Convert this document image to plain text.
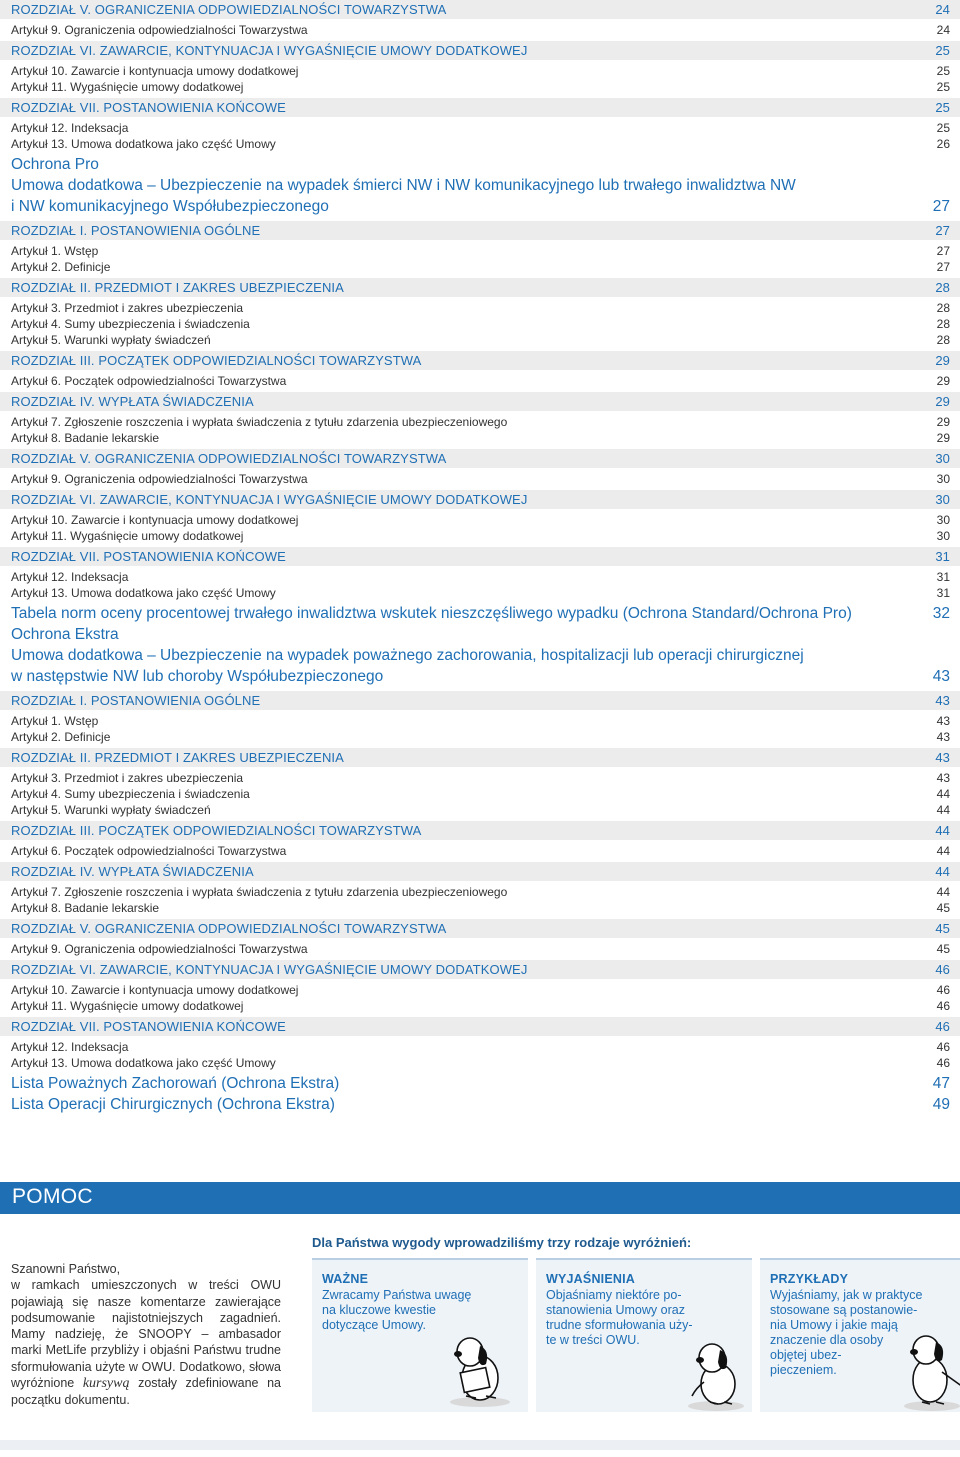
ROZDZIAŁ V. OGRANICZENIA ODPOWIEDZIALNOŚCI TOWARZYSTWA	24
Artykuł 9. Ograniczenia odpowiedzialności Towarzystwa	24
ROZDZIAŁ VI. ZAWARCIE, KONTYNUACJA I WYGAŚNIĘCIE UMOWY DODATKOWEJ	25
Artykuł 10. Zawarcie i kontynuacja umowy dodatkowej	25
Artykuł 11. Wygaśnięcie umowy dodatkowej	25
ROZDZIAŁ VII. POSTANOWIENIA KOŃCOWE	25
Artykuł 12. Indeksacja	25
Artykuł 13. Umowa dodatkowa jako część Umowy	26
Ochrona Pro
Umowa dodatkowa – Ubezpieczenie na wypadek śmierci NW i NW komunikacyjnego lub trwałego inwalidztwa NW
i NW komunikacyjnego Współubezpieczonego	27
ROZDZIAŁ I. POSTANOWIENIA OGÓLNE	27
Artykuł 1. Wstęp	27
Artykuł 2. Definicje	27
ROZDZIAŁ II. PRZEDMIOT I ZAKRES UBEZPIECZENIA	28
Artykuł 3. Przedmiot i zakres ubezpieczenia	28
Artykuł 4. Sumy ubezpieczenia i świadczenia	28
Artykuł 5. Warunki wypłaty świadczeń	28
ROZDZIAŁ III. POCZĄTEK ODPOWIEDZIALNOŚCI TOWARZYSTWA	29
Artykuł 6. Początek odpowiedzialności Towarzystwa	29
ROZDZIAŁ IV. WYPŁATA ŚWIADCZENIA	29
Artykuł 7. Zgłoszenie roszczenia i wypłata świadczenia z tytułu zdarzenia ubezpieczeniowego	29
Artykuł 8. Badanie lekarskie	29
ROZDZIAŁ V. OGRANICZENIA ODPOWIEDZIALNOŚCI TOWARZYSTWA	30
Artykuł 9. Ograniczenia odpowiedzialności Towarzystwa	30
ROZDZIAŁ VI. ZAWARCIE, KONTYNUACJA I WYGAŚNIĘCIE UMOWY DODATKOWEJ	30
Artykuł 10. Zawarcie i kontynuacja umowy dodatkowej	30
Artykuł 11. Wygaśnięcie umowy dodatkowej	30
ROZDZIAŁ VII. POSTANOWIENIA KOŃCOWE	31
Artykuł 12. Indeksacja	31
Artykuł 13. Umowa dodatkowa jako część Umowy	31
Tabela norm oceny procentowej trwałego inwalidztwa wskutek nieszczęśliwego wypadku (Ochrona Standard/Ochrona Pro)	32
Ochrona Ekstra
Umowa dodatkowa – Ubezpieczenie na wypadek poważnego zachorowania, hospitalizacji lub operacji chirurgicznej
w następstwie NW lub choroby Współubezpieczonego	43
ROZDZIAŁ I. POSTANOWIENIA OGÓLNE	43
Artykuł 1. Wstęp	43
Artykuł 2. Definicje	43
ROZDZIAŁ II. PRZEDMIOT I ZAKRES UBEZPIECZENIA	43
Artykuł 3. Przedmiot i zakres ubezpieczenia	43
Artykuł 4. Sumy ubezpieczenia i świadczenia	44
Artykuł 5. Warunki wypłaty świadczeń	44
ROZDZIAŁ III. POCZĄTEK ODPOWIEDZIALNOŚCI TOWARZYSTWA	44
Artykuł 6. Początek odpowiedzialności Towarzystwa	44
ROZDZIAŁ IV. WYPŁATA ŚWIADCZENIA	44
Artykuł 7. Zgłoszenie roszczenia i wypłata świadczenia z tytułu zdarzenia ubezpieczeniowego	44
Artykuł 8. Badanie lekarskie	45
ROZDZIAŁ V. OGRANICZENIA ODPOWIEDZIALNOŚCI TOWARZYSTWA	45
Artykuł 9. Ograniczenia odpowiedzialności Towarzystwa	45
ROZDZIAŁ VI. ZAWARCIE, KONTYNUACJA I WYGAŚNIĘCIE UMOWY DODATKOWEJ	46
Artykuł 10. Zawarcie i kontynuacja umowy dodatkowej	46
Artykuł 11. Wygaśnięcie umowy dodatkowej	46
ROZDZIAŁ VII. POSTANOWIENIA KOŃCOWE	46
Artykuł 12. Indeksacja	46
Artykuł 13. Umowa dodatkowa jako część Umowy	46
Lista Poważnych Zachorowań (Ochrona Ekstra)	47
Lista Operacji Chirurgicznych (Ochrona Ekstra)	49
POMOC

Szanowni Państwo,

w ramkach umieszczonych w treści OWU pojawiają się nasze komentarze zawierające podsumowanie najistotniejszych zagadnień. Mamy nadzieję, że SNOOPY – ambasador marki MetLife przybliży i objaśni Państwu trudne sformułowania użyte w OWU. Dodatkowo, słowa wyróżnione kursywą zostały zdefiniowane na początku dokumentu.

Dla Państwa wygody wprowadziliśmy trzy rodzaje wyróżnień:
WAŻNE
Zwracamy Państwa uwagę
na kluczowe kwestie
dotyczące Umowy.
WYJAŚNIENIA
Objaśniamy niektóre po-
stanowienia Umowy oraz
trudne sformułowania uży-
te w treści OWU.
PRZYKŁADY
Wyjaśniamy, jak w praktyce
stosowane są postanowie-
nia Umowy i jakie mają
znaczenie dla osoby
objętej ubez-
pieczeniem.
